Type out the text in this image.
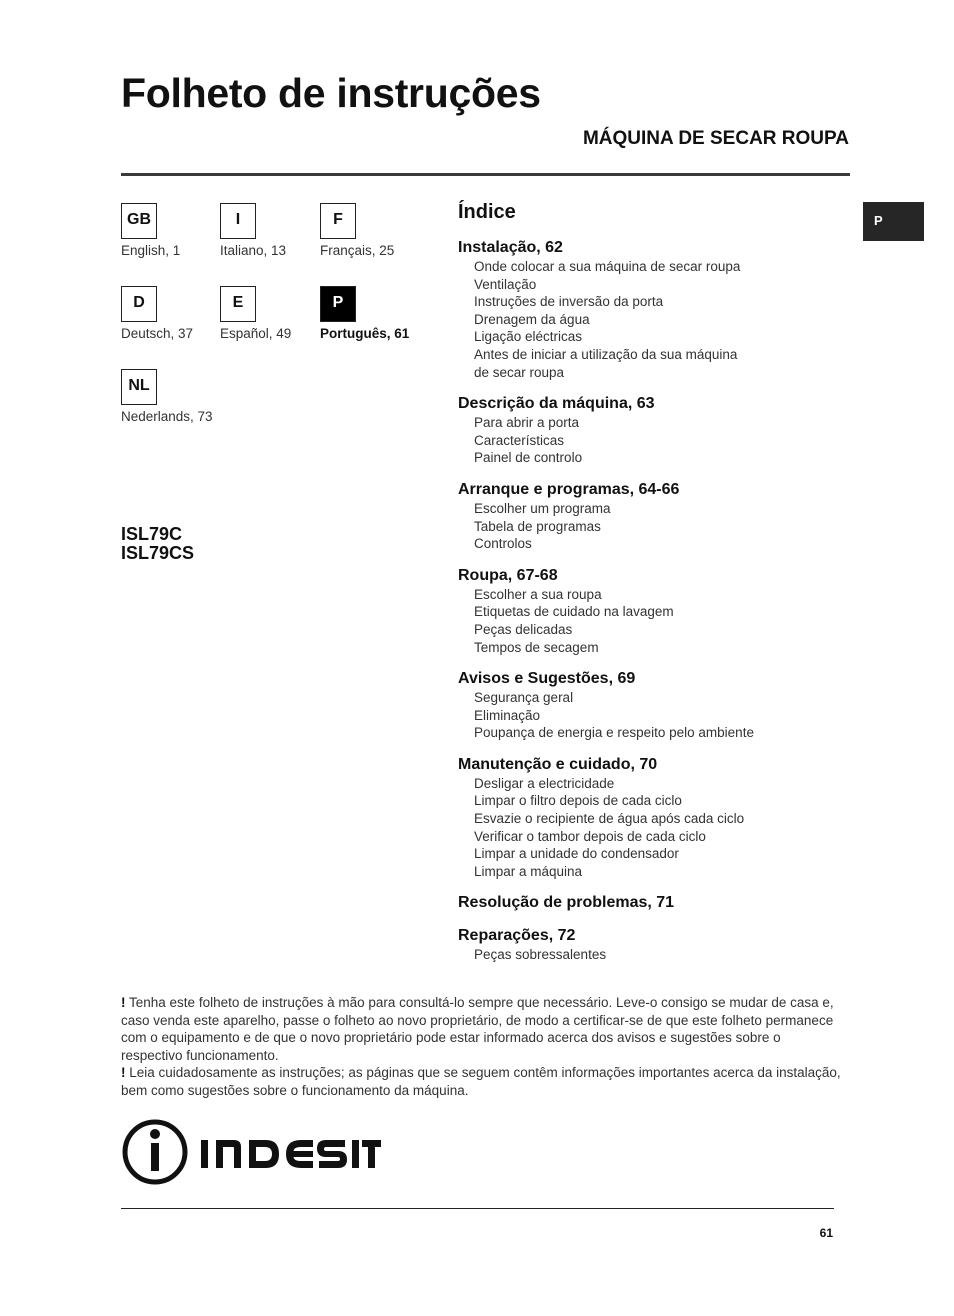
Folheto de instruções
MÁQUINA DE SECAR ROUPA
P
GB
English, 1
I
Italiano, 13
F
Français, 25
D
Deutsch, 37
E
Español, 49
P
Português, 61
NL
Nederlands, 73
ISL79C
ISL79CS
Índice
Instalação, 62
Onde colocar a sua máquina de secar roupa
Ventilação
Instruções de inversão da porta
Drenagem da água
Ligação eléctricas
Antes de iniciar a utilização da sua máquina
de secar roupa
Descrição da máquina, 63
Para abrir a porta
Características
Painel de controlo
Arranque e programas, 64-66
Escolher um programa
Tabela de programas
Controlos
Roupa, 67-68
Escolher a sua roupa
Etiquetas de cuidado na lavagem
Peças delicadas
Tempos de secagem
Avisos e Sugestões, 69
Segurança geral
Eliminação
Poupança de energia e respeito pelo ambiente
Manutenção e cuidado, 70
Desligar a electricidade
Limpar o filtro depois de cada ciclo
Esvazie o recipiente de água após cada ciclo
Verificar o tambor depois de cada ciclo
Limpar a unidade do condensador
Limpar a máquina
Resolução de problemas, 71
Reparações, 72
Peças sobressalentes

! Tenha este folheto de instruções à mão para consultá-lo sempre que necessário. Leve-o consigo se mudar de casa e, caso venda este aparelho, passe o folheto ao novo proprietário, de modo a certificar-se de que este folheto permanece com o equipamento e de que o novo proprietário pode estar informado acerca dos avisos e sugestões sobre o respectivo funcionamento.

! Leia cuidadosamente as instruções; as páginas que se seguem contêm informações importantes acerca da instalação, bem como sugestões sobre o funcionamento da máquina.

61
